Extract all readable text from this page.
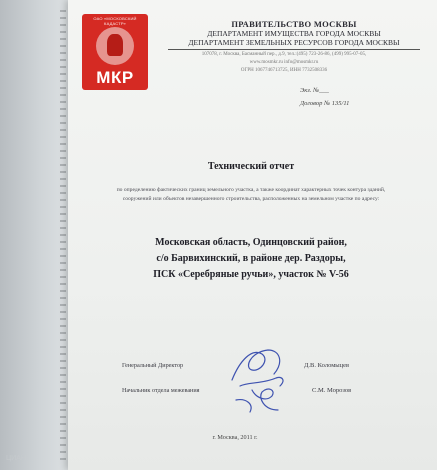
ОАО «МОСКОВСКИЙ КАДАСТР»
МКР
ПРАВИТЕЛЬСТВО МОСКВЫ
ДЕПАРТАМЕНТ ИМУЩЕСТВА ГОРОДА МОСКВЫ
ДЕПАРТАМЕНТ ЗЕМЕЛЬНЫХ РЕСУРСОВ ГОРОДА МОСКВЫ
107078, г. Москва, Басманный пер., д.9, тел.:(495) 723-26-86, (499) 995-07-05,
www.mosmkr.ru info@mosmkr.ru
ОГРН 1067746713725, ИНН 7732508336
Экз. №___
Договор № 135/11
Технический отчет
по определению фактических границ земельного участка, а также координат характерных точек контура зданий, сооружений или объектов незавершенного строительства, расположенных на земельном участке по адресу:
Московская область, Одинцовский район,
с/о Барвихинский, в районе дер. Раздоры,
ПСК «Серебряные ручьи», участок № V-56
Генеральный Директор	Д.В. Коломыцев
Начальник отдела межевания	С.М. Морозов
г. Москва, 2011 г.
ЦИАН
